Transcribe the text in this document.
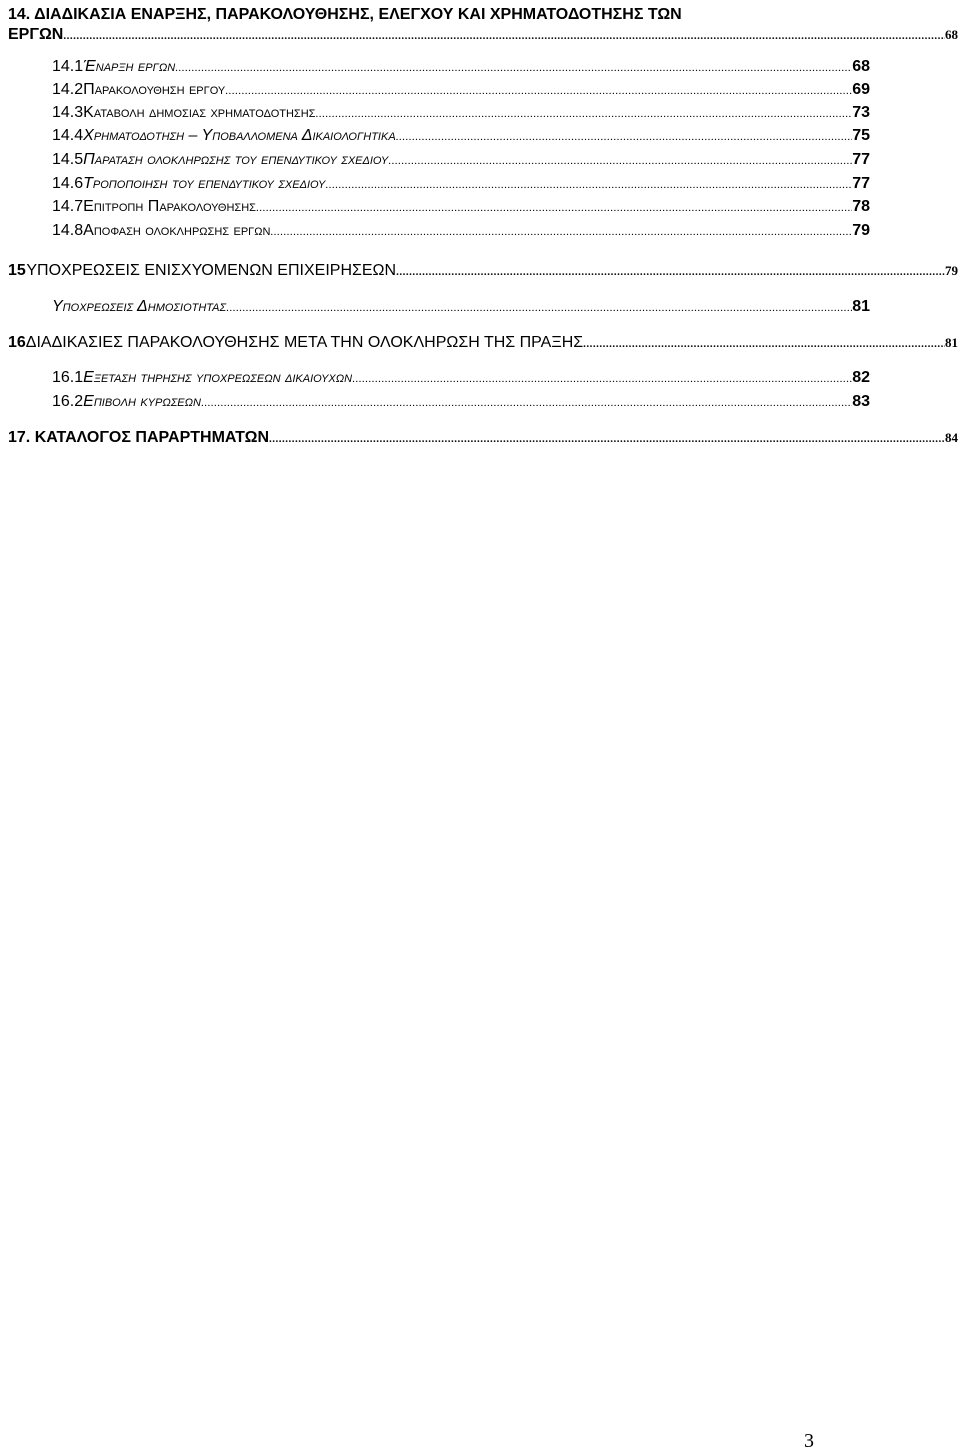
14. ΔΙΑΔΙΚΑΣΙΑ ΕΝΑΡΞΗΣ, ΠΑΡΑΚΟΛΟΥΘΗΣΗΣ, ΕΛΕΓΧΟΥ ΚΑΙ ΧΡΗΜΑΤΟΔΟΤΗΣΗΣ ΤΩΝ
ΕΡΓΩΝ .....	68
14.1 Έναρξη εργων .....	68
14.2 Παρακολουθηση εργου .....	69
14.3 Καταβολη δημοσιας χρηματοδοτησης .....	73
14.4 Χρηματοδοτηση – Υποβαλλομενα Δικαιολογητικα .....	75
14.5 Παραταση ολοκληρωσης του επενδυτικου σχεδιου .....	77
14.6 Τροποποιηση του επενδυτικου σχεδιου .....	77
14.7 Επιτροπη Παρακολουθησης .....	78
14.8 Αποφαση ολοκληρωσης εργων .....	79
15 ΥΠΟΧΡΕΩΣΕΙΣ ΕΝΙΣΧΥΟΜΕΝΩΝ ΕΠΙΧΕΙΡΗΣΕΩΝ .....	79
Υποχρεωσεις Δημοσιοτητας .....	81
16 ΔΙΑΔΙΚΑΣΙΕΣ ΠΑΡΑΚΟΛΟΥΘΗΣΗΣ ΜΕΤΑ ΤΗΝ ΟΛΟΚΛΗΡΩΣΗ ΤΗΣ ΠΡΑΞΗΣ .....	81
16.1 Εξεταση τηρησης υποχρεωσεων δικαιουχων .....	82
16.2 Επιβολη κυρωσεων .....	83
17. ΚΑΤΑΛΟΓΟΣ ΠΑΡΑΡΤΗΜΑΤΩΝ .....	84
3
